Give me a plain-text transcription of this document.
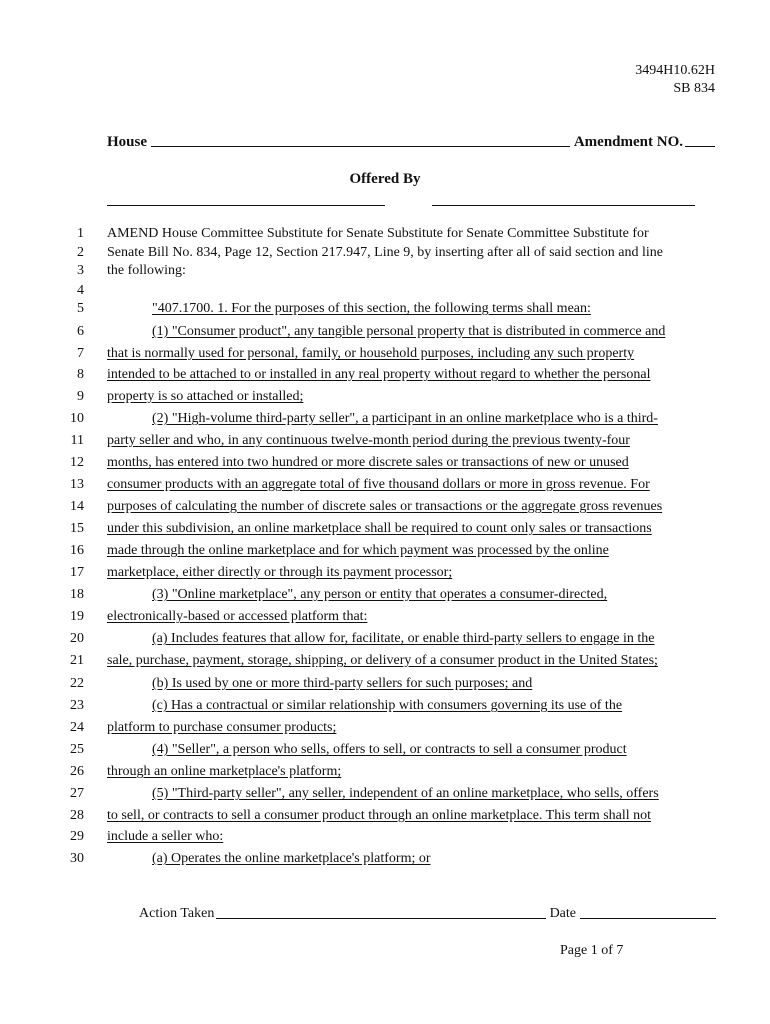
3494H10.62H
SB 834
House	Amendment NO.
Offered By
1 AMEND House Committee Substitute for Senate Substitute for Senate Committee Substitute for
2 Senate Bill No. 834, Page 12, Section 217.947, Line 9, by inserting after all of said section and line
3 the following:
4
5	"407.1700. 1. For the purposes of this section, the following terms shall mean:
6	(1) "Consumer product", any tangible personal property that is distributed in commerce and
7 that is normally used for personal, family, or household purposes, including any such property
8 intended to be attached to or installed in any real property without regard to whether the personal
9 property is so attached or installed;
10	(2) "High-volume third-party seller", a participant in an online marketplace who is a third-
11 party seller and who, in any continuous twelve-month period during the previous twenty-four
12 months, has entered into two hundred or more discrete sales or transactions of new or unused
13 consumer products with an aggregate total of five thousand dollars or more in gross revenue. For
14 purposes of calculating the number of discrete sales or transactions or the aggregate gross revenues
15 under this subdivision, an online marketplace shall be required to count only sales or transactions
16 made through the online marketplace and for which payment was processed by the online
17 marketplace, either directly or through its payment processor;
18	(3) "Online marketplace", any person or entity that operates a consumer-directed,
19 electronically-based or accessed platform that:
20	(a) Includes features that allow for, facilitate, or enable third-party sellers to engage in the
21 sale, purchase, payment, storage, shipping, or delivery of a consumer product in the United States;
22	(b) Is used by one or more third-party sellers for such purposes; and
23	(c) Has a contractual or similar relationship with consumers governing its use of the
24 platform to purchase consumer products;
25	(4) "Seller", a person who sells, offers to sell, or contracts to sell a consumer product
26 through an online marketplace's platform;
27	(5) "Third-party seller", any seller, independent of an online marketplace, who sells, offers
28 to sell, or contracts to sell a consumer product through an online marketplace. This term shall not
29 include a seller who:
30	(a) Operates the online marketplace's platform; or
Action Taken	Date
Page 1 of 7
